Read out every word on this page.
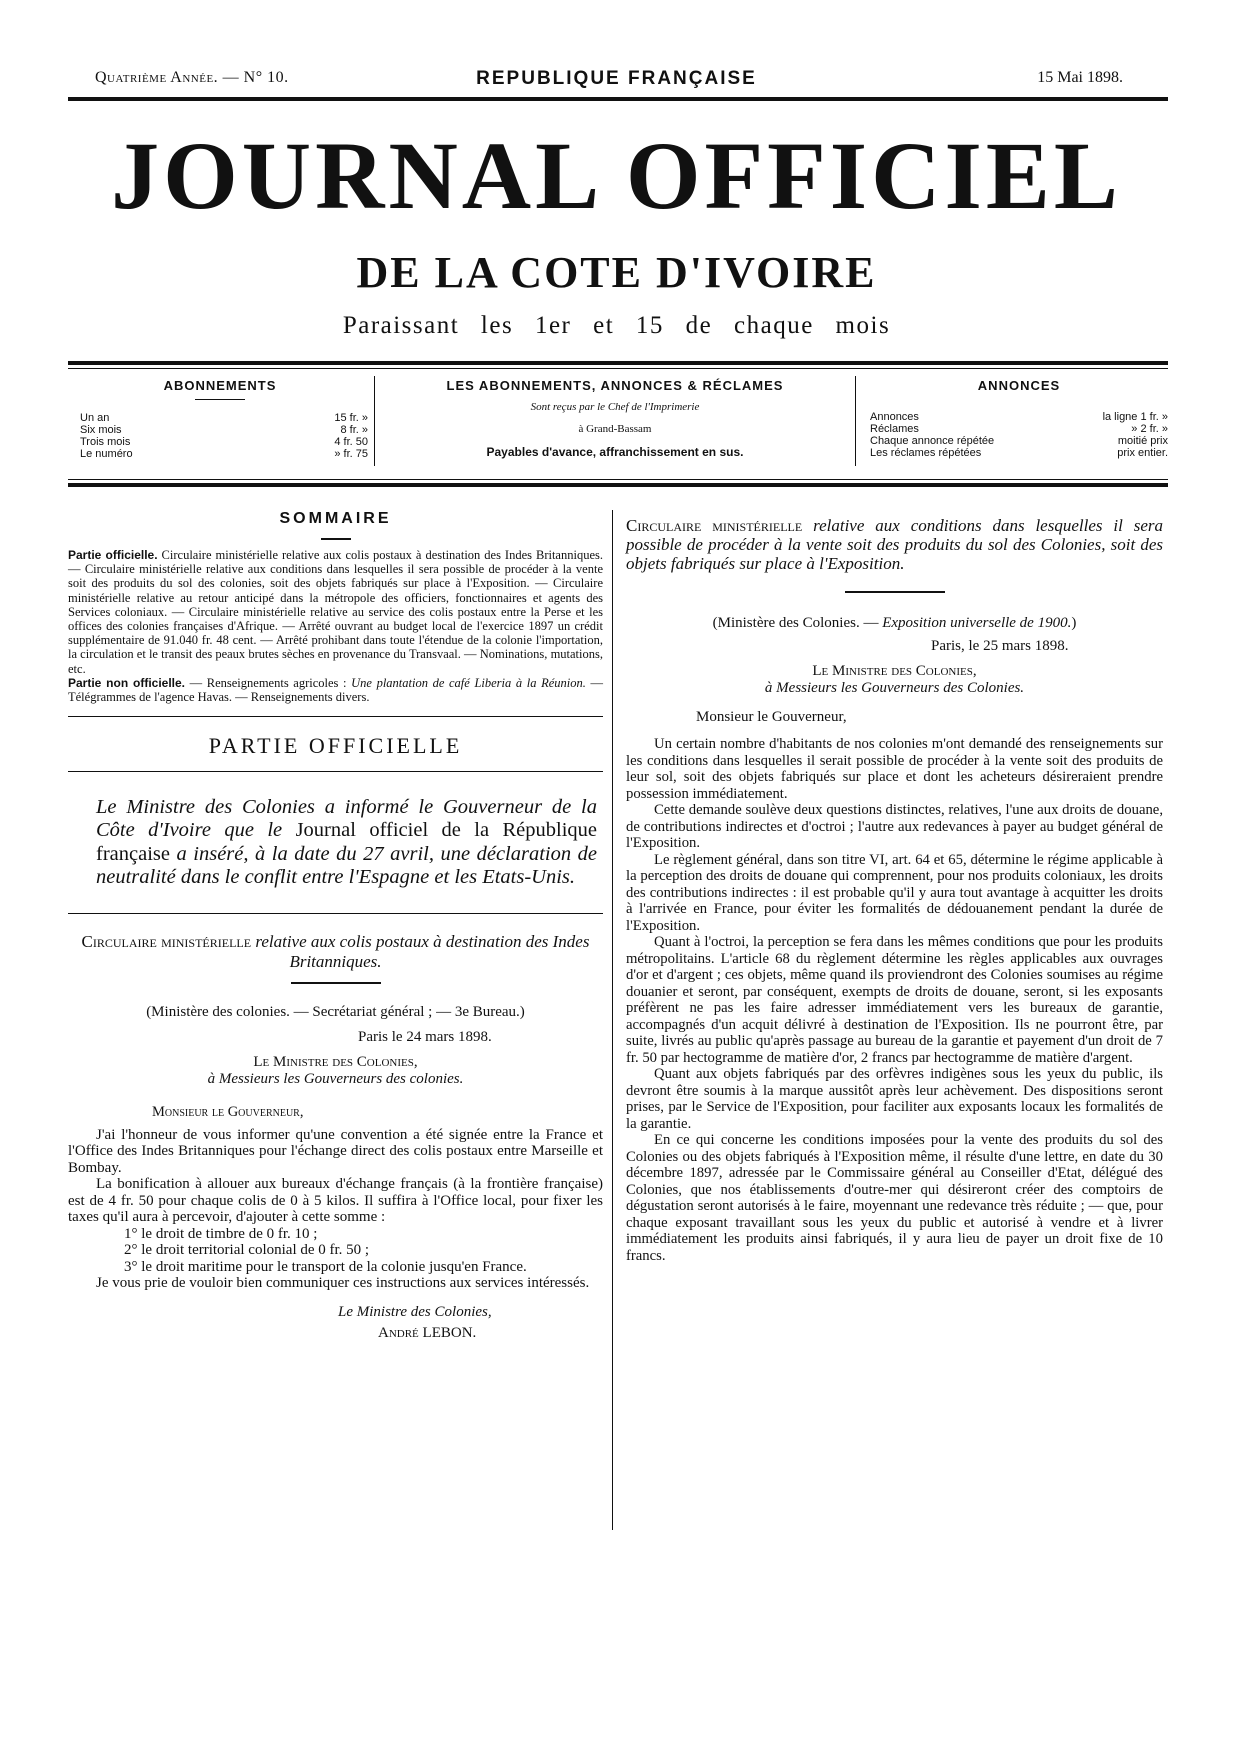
Quatrième Année. — N° 10.	REPUBLIQUE FRANÇAISE	15 Mai 1898.
JOURNAL OFFICIEL
DE LA COTE D'IVOIRE
Paraissant les 1er et 15 de chaque mois
ABONNEMENTS
Un an	15 fr. »
Six mois	8 fr. »
Trois mois	4 fr. 50
Le numéro	» fr. 75
LES ABONNEMENTS, ANNONCES & RÉCLAMES
Sont reçus par le Chef de l'Imprimerie
à Grand-Bassam
Payables d'avance, affranchissement en sus.
ANNONCES
Annonces	la ligne 1 fr. »
Réclames	» 2 fr. »
Chaque annonce répétée	moitié prix
Les réclames répétées	prix entier.
SOMMAIRE

Partie officielle. Circulaire ministérielle relative aux colis postaux à destination des Indes Britanniques. — Circulaire ministérielle relative aux conditions dans lesquelles il sera possible de procéder à la vente soit des produits du sol des colonies, soit des objets fabriqués sur place à l'Exposition. — Circulaire ministérielle relative au retour anticipé dans la métropole des officiers, fonctionnaires et agents des Services coloniaux. — Circulaire ministérielle relative au service des colis postaux entre la Perse et les offices des colonies françaises d'Afrique. — Arrêté ouvrant au budget local de l'exercice 1897 un crédit supplémentaire de 91.040 fr. 48 cent. — Arrêté prohibant dans toute l'étendue de la colonie l'importation, la circulation et le transit des peaux brutes sèches en provenance du Transvaal. — Nominations, mutations, etc.

Partie non officielle. — Renseignements agricoles : Une plantation de café Liberia à la Réunion. — Télégrammes de l'agence Havas. — Renseignements divers.

PARTIE OFFICIELLE

Le Ministre des Colonies a informé le Gouverneur de la Côte d'Ivoire que le Journal officiel de la République française a inséré, à la date du 27 avril, une déclaration de neutralité dans le conflit entre l'Espagne et les Etats-Unis.

Circulaire ministérielle relative aux colis postaux à destination des Indes Britanniques.

(Ministère des colonies. — Secrétariat général ; — 3e Bureau.)

Paris le 24 mars 1898.

Le Ministre des Colonies,

à Messieurs les Gouverneurs des colonies.

Monsieur le Gouverneur,

J'ai l'honneur de vous informer qu'une convention a été signée entre la France et l'Office des Indes Britanniques pour l'échange direct des colis postaux entre Marseille et Bombay.

La bonification à allouer aux bureaux d'échange français (à la frontière française) est de 4 fr. 50 pour chaque colis de 0 à 5 kilos. Il suffira à l'Office local, pour fixer les taxes qu'il aura à percevoir, d'ajouter à cette somme :

1° le droit de timbre de 0 fr. 10 ;

2° le droit territorial colonial de 0 fr. 50 ;

3° le droit maritime pour le transport de la colonie jusqu'en France.

Je vous prie de vouloir bien communiquer ces instructions aux services intéressés.

Le Ministre des Colonies,

André LEBON.

Circulaire ministérielle relative aux conditions dans lesquelles il sera possible de procéder à la vente soit des produits du sol des Colonies, soit des objets fabriqués sur place à l'Exposition.

(Ministère des Colonies. — Exposition universelle de 1900.)

Paris, le 25 mars 1898.

Le Ministre des Colonies,

à Messieurs les Gouverneurs des Colonies.

Monsieur le Gouverneur,

Un certain nombre d'habitants de nos colonies m'ont demandé des renseignements sur les conditions dans lesquelles il serait possible de procéder à la vente soit des produits de leur sol, soit des objets fabriqués sur place et dont les acheteurs désireraient prendre possession immédiatement.

Cette demande soulève deux questions distinctes, relatives, l'une aux droits de douane, de contributions indirectes et d'octroi ; l'autre aux redevances à payer au budget général de l'Exposition.

Le règlement général, dans son titre VI, art. 64 et 65, détermine le régime applicable à la perception des droits de douane qui comprennent, pour nos produits coloniaux, les droits des contributions indirectes : il est probable qu'il y aura tout avantage à acquitter les droits à l'arrivée en France, pour éviter les formalités de dédouanement pendant la durée de l'Exposition.

Quant à l'octroi, la perception se fera dans les mêmes conditions que pour les produits métropolitains. L'article 68 du règlement détermine les règles applicables aux ouvrages d'or et d'argent ; ces objets, même quand ils proviendront des Colonies soumises au régime douanier et seront, par conséquent, exempts de droits de douane, seront, si les exposants préfèrent ne pas les faire adresser immédiatement vers les bureaux de garantie, accompagnés d'un acquit délivré à destination de l'Exposition. Ils ne pourront être, par suite, livrés au public qu'après passage au bureau de la garantie et payement d'un droit de 7 fr. 50 par hectogramme de matière d'or, 2 francs par hectogramme de matière d'argent.

Quant aux objets fabriqués par des orfèvres indigènes sous les yeux du public, ils devront être soumis à la marque aussitôt après leur achèvement. Des dispositions seront prises, par le Service de l'Exposition, pour faciliter aux exposants locaux les formalités de la garantie.

En ce qui concerne les conditions imposées pour la vente des produits du sol des Colonies ou des objets fabriqués à l'Exposition même, il résulte d'une lettre, en date du 30 décembre 1897, adressée par le Commissaire général au Conseiller d'Etat, délégué des Colonies, que nos établissements d'outre-mer qui désireront créer des comptoirs de dégustation seront autorisés à le faire, moyennant une redevance très réduite ; — que, pour chaque exposant travaillant sous les yeux du public et autorisé à vendre et à livrer immédiatement les produits ainsi fabriqués, il y aura lieu de payer un droit fixe de 10 francs.
